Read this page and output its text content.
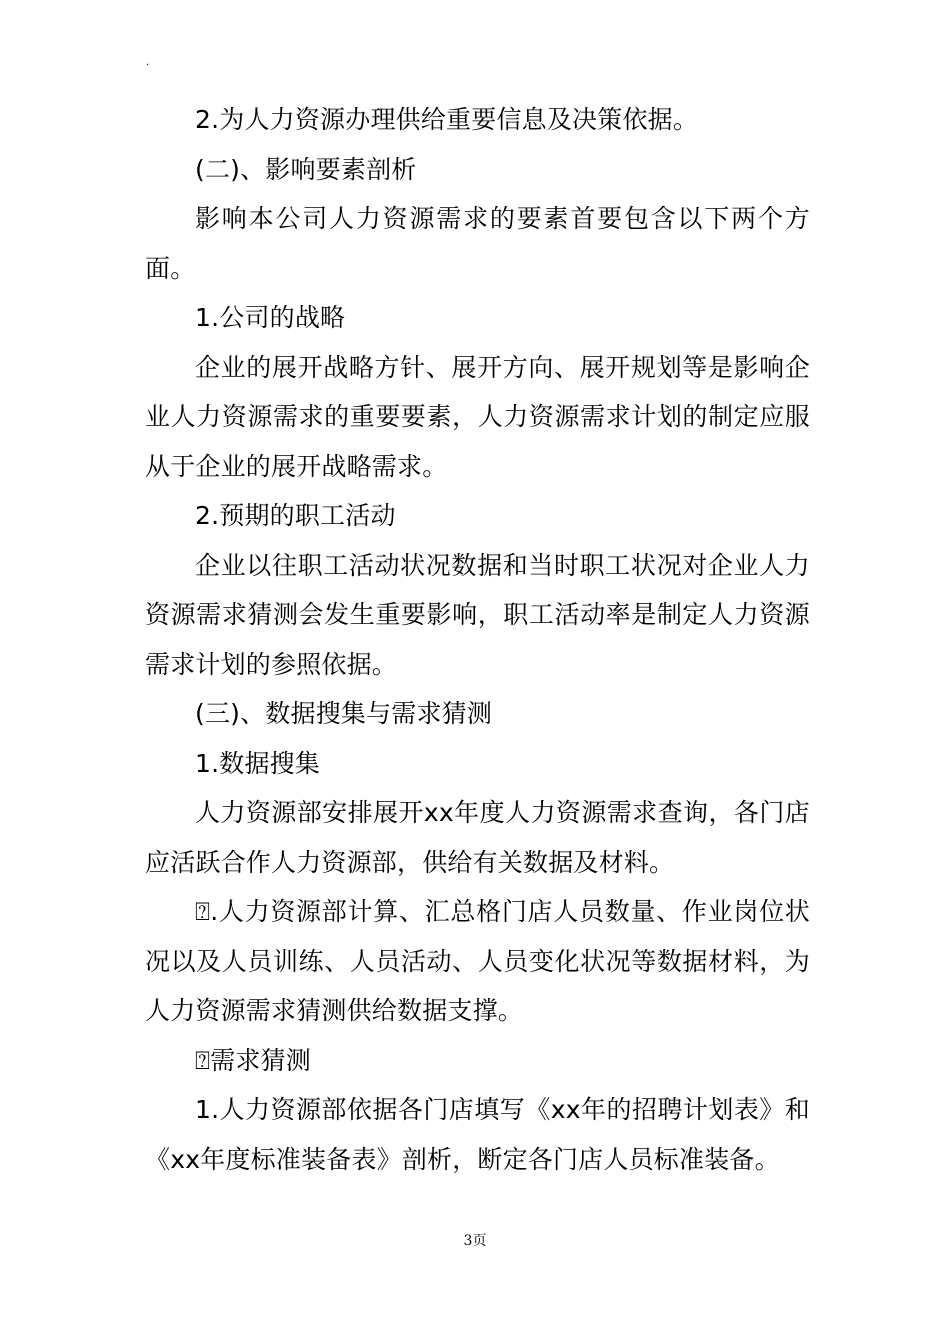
.

2.为人力资源办理供给重要信息及决策依据。

(二)、影响要素剖析

影响本公司人力资源需求的要素首要包含以下两个方面。

1.公司的战略

企业的展开战略方针、展开方向、展开规划等是影响企业人力资源需求的重要要素，人力资源需求计划的制定应服从于企业的展开战略需求。

2.预期的职工活动

企业以往职工活动状况数据和当时职工状况对企业人力资源需求猜测会发生重要影响，职工活动率是制定人力资源需求计划的参照依据。

(三)、数据搜集与需求猜测

1.数据搜集

人力资源部安排展开xx年度人力资源需求查询，各门店应活跃合作人力资源部，供给有关数据及材料。

⍰.人力资源部计算、汇总格门店人员数量、作业岗位状况以及人员训练、人员活动、人员变化状况等数据材料，为人力资源需求猜测供给数据支撑。

⍰需求猜测

1.人力资源部依据各门店填写《xx年的招聘计划表》和《xx年度标准装备表》剖析，断定各门店人员标准装备。

3页
